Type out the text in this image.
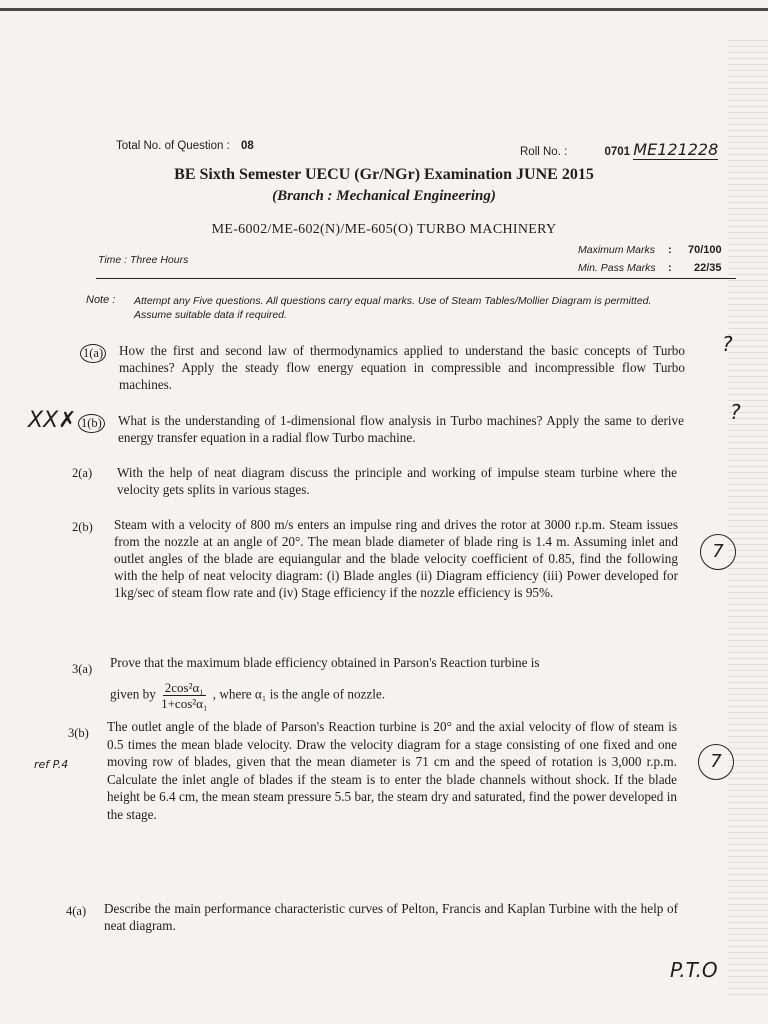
Total No. of Question : 08	Roll No. :	0701 ME121228
BE Sixth Semester UECU (Gr/NGr) Examination JUNE 2015
(Branch : Mechanical Engineering)
ME-6002/ME-602(N)/ME-605(O) TURBO MACHINERY
Time : Three Hours
Maximum Marks : 70/100
Min. Pass Marks : 22/35
Note : Attempt any Five questions. All questions carry equal marks. Use of Steam Tables/Mollier Diagram is permitted.
Assume suitable data if required.
1(a) How the first and second law of thermodynamics applied to understand the basic concepts of Turbo machines? Apply the steady flow energy equation in compressible and incompressible flow Turbo machines.
XX✗ 1(b) What is the understanding of 1-dimensional flow analysis in Turbo machines? Apply the same to derive energy transfer equation in a radial flow Turbo machine.
?
?
2(a) With the help of neat diagram discuss the principle and working of impulse steam turbine where the velocity gets splits in various stages.
2(b) Steam with a velocity of 800 m/s enters an impulse ring and drives the rotor at 3000 r.p.m. Steam issues from the nozzle at an angle of 20°. The mean blade diameter of blade ring is 1.4 m. Assuming inlet and outlet angles of the blade are equiangular and the blade velocity coefficient of 0.85, find the following with the help of neat velocity diagram: (i) Blade angles (ii) Diagram efficiency (iii) Power developed for 1kg/sec of steam flow rate and (iv) Stage efficiency if the nozzle efficiency is 95%.
7
3(a) Prove that the maximum blade efficiency obtained in Parson's Reaction turbine is
given by $\frac{\text{2cos²α₁}}{\text{1+cos²α₁}}$ , where α₁ is the angle of nozzle.
3(b)
ref P.4
The outlet angle of the blade of Parson's Reaction turbine is 20° and the axial velocity of flow of steam is 0.5 times the mean blade velocity. Draw the velocity diagram for a stage consisting of one fixed and one moving row of blades, given that the mean diameter is 71 cm and the speed of rotation is 3,000 r.p.m. Calculate the inlet angle of blades if the steam is to enter the blade channels without shock. If the blade height be 6.4 cm, the mean steam pressure 5.5 bar, the steam dry and saturated, find the power developed in the stage.
7
4(a) Describe the main performance characteristic curves of Pelton, Francis and Kaplan Turbine with the help of neat diagram.
P.T.O
